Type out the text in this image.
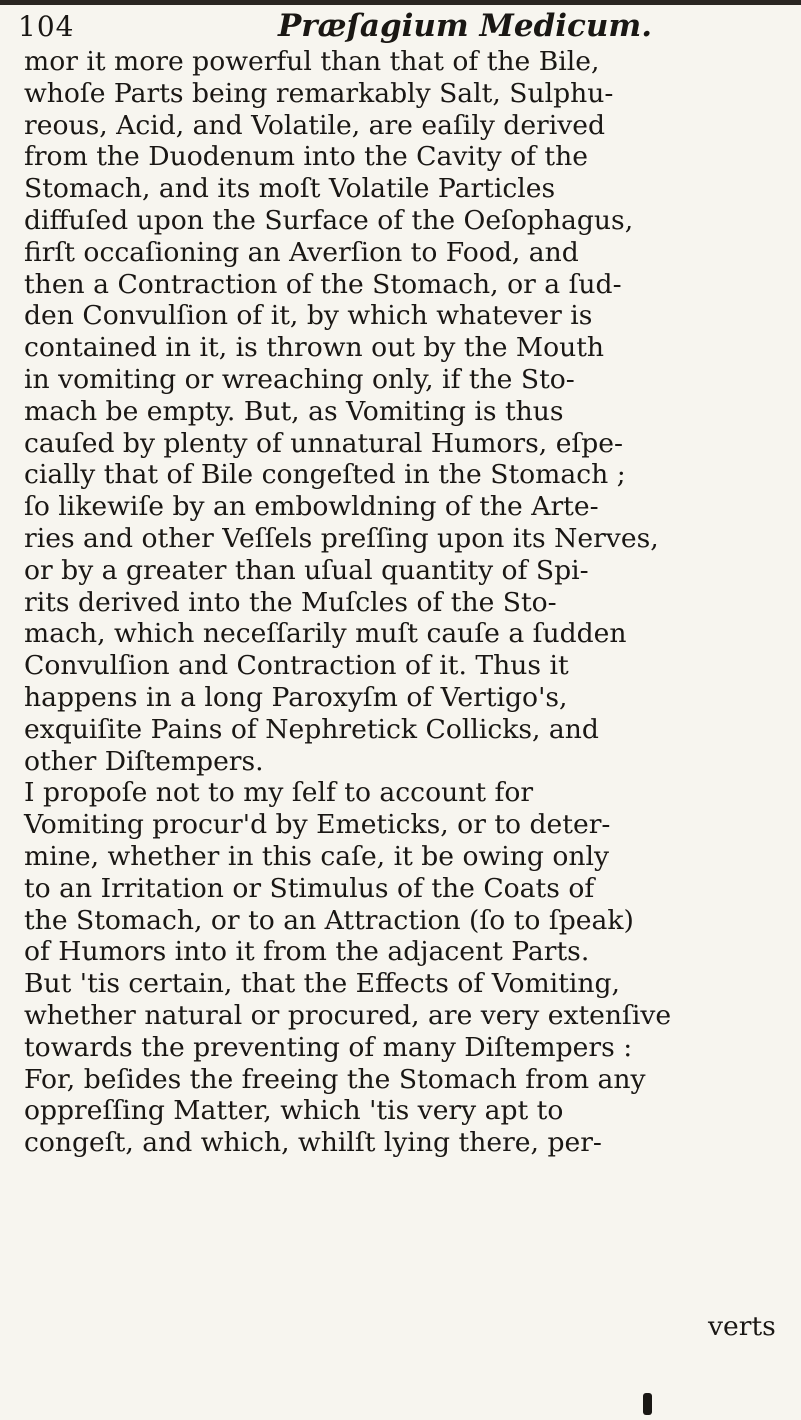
104	Præſagium Medicum.
mor it more powerful than that of the Bile,
whoſe Parts being remarkably Salt, Sulphu-
reous, Acid, and Volatile, are eaſily derived
from the Duodenum into the Cavity of the
Stomach, and its moſt Volatile Particles
diffuſed upon the Surface of the Oeſophagus,
firſt occaſioning an Averſion to Food, and
then a Contraction of the Stomach, or a ſud-
den Convulſion of it, by which whatever is
contained in it, is thrown out by the Mouth
in vomiting or wreaching only, if the Sto-
mach be empty. But, as Vomiting is thus
cauſed by plenty of unnatural Humors, eſpe-
cially that of Bile congeſted in the Stomach ;
ſo likewiſe by an embowldning of the Arte-
ries and other Veſſels preſſing upon its Nerves,
or by a greater than uſual quantity of Spi-
rits derived into the Muſcles of the Sto-
mach, which neceſſarily muſt cauſe a ſudden
Convulſion and Contraction of it. Thus it
happens in a long Paroxyſm of Vertigo's,
exquiſite Pains of Nephretick Collicks, and
other Diſtempers.
I propoſe not to my ſelf to account for
Vomiting procur'd by Emeticks, or to deter-
mine, whether in this caſe, it be owing only
to an Irritation or Stimulus of the Coats of
the Stomach, or to an Attraction (ſo to ſpeak)
of Humors into it from the adjacent Parts.
But 'tis certain, that the Effects of Vomiting,
whether natural or procured, are very extenſive
towards the preventing of many Diſtempers :
For, beſides the freeing the Stomach from any
oppreſſing Matter, which 'tis very apt to
congeſt, and which, whilſt lying there, per-
verts
